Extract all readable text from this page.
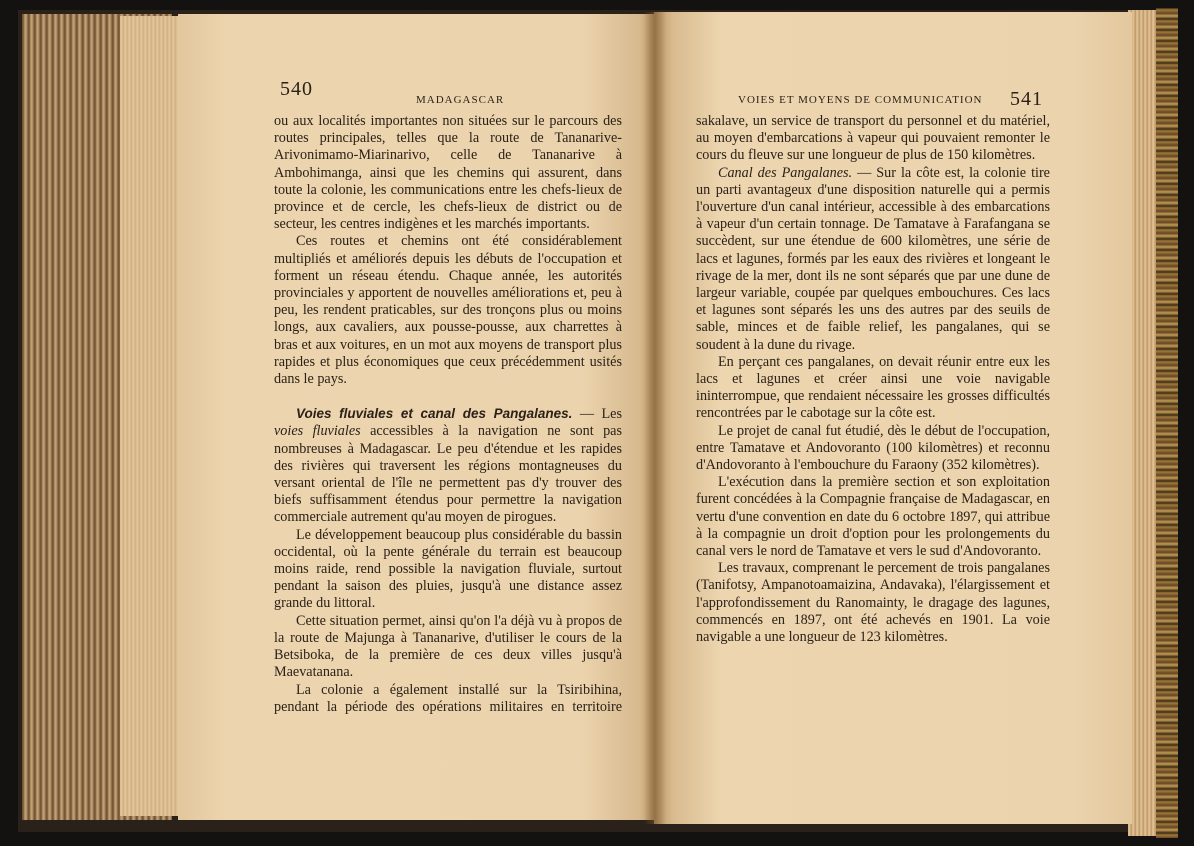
540	MADAGASCAR

ou aux localités importantes non situées sur le parcours des routes principales, telles que la route de Tananarive-Arivonimamo-Miarinarivo, celle de Tananarive à Ambohimanga, ainsi que les chemins qui assurent, dans toute la colonie, les communications entre les chefs-lieux de province et de cercle, les chefs-lieux de district ou de secteur, les centres indigènes et les marchés importants.

Ces routes et chemins ont été considérablement multipliés et améliorés depuis les débuts de l'occupation et forment un réseau étendu. Chaque année, les autorités provinciales y apportent de nouvelles améliorations et, peu à peu, les rendent praticables, sur des tronçons plus ou moins longs, aux cavaliers, aux pousse-pousse, aux charrettes à bras et aux voitures, en un mot aux moyens de transport plus rapides et plus économiques que ceux précédemment usités dans le pays.

Voies fluviales et canal des Pangalanes. — Les voies fluviales accessibles à la navigation ne sont pas nombreuses à Madagascar. Le peu d'étendue et les rapides des rivières qui traversent les régions montagneuses du versant oriental de l'île ne permettent pas d'y trouver des biefs suffisamment étendus pour permettre la navigation commerciale autrement qu'au moyen de pirogues.

Le développement beaucoup plus considérable du bassin occidental, où la pente générale du terrain est beaucoup moins raide, rend possible la navigation fluviale, surtout pendant la saison des pluies, jusqu'à une distance assez grande du littoral.

Cette situation permet, ainsi qu'on l'a déjà vu à propos de la route de Majunga à Tananarive, d'utiliser le cours de la Betsiboka, de la première de ces deux villes jusqu'à Maevatanana.

La colonie a également installé sur la Tsiribihina, pendant la période des opérations militaires en territoire

VOIES ET MOYENS DE COMMUNICATION 541

sakalave, un service de transport du personnel et du matériel, au moyen d'embarcations à vapeur qui pouvaient remonter le cours du fleuve sur une longueur de plus de 150 kilomètres.

Canal des Pangalanes. — Sur la côte est, la colonie tire un parti avantageux d'une disposition naturelle qui a permis l'ouverture d'un canal intérieur, accessible à des embarcations à vapeur d'un certain tonnage. De Tamatave à Farafangana se succèdent, sur une étendue de 600 kilomètres, une série de lacs et lagunes, formés par les eaux des rivières et longeant le rivage de la mer, dont ils ne sont séparés que par une dune de largeur variable, coupée par quelques embouchures. Ces lacs et lagunes sont séparés les uns des autres par des seuils de sable, minces et de faible relief, les pangalanes, qui se soudent à la dune du rivage.

En perçant ces pangalanes, on devait réunir entre eux les lacs et lagunes et créer ainsi une voie navigable ininterrompue, que rendaient nécessaire les grosses difficultés rencontrées par le cabotage sur la côte est.

Le projet de canal fut étudié, dès le début de l'occupation, entre Tamatave et Andovoranto (100 kilomètres) et reconnu d'Andovoranto à l'embouchure du Faraony (352 kilomètres).

L'exécution dans la première section et son exploitation furent concédées à la Compagnie française de Madagascar, en vertu d'une convention en date du 6 octobre 1897, qui attribue à la compagnie un droit d'option pour les prolongements du canal vers le nord de Tamatave et vers le sud d'Andovoranto.

Les travaux, comprenant le percement de trois pangalanes (Tanifotsy, Ampanotoamaizina, Andavaka), l'élargissement et l'approfondissement du Ranomainty, le dragage des lagunes, commencés en 1897, ont été achevés en 1901. La voie navigable a une longueur de 123 kilomètres.
